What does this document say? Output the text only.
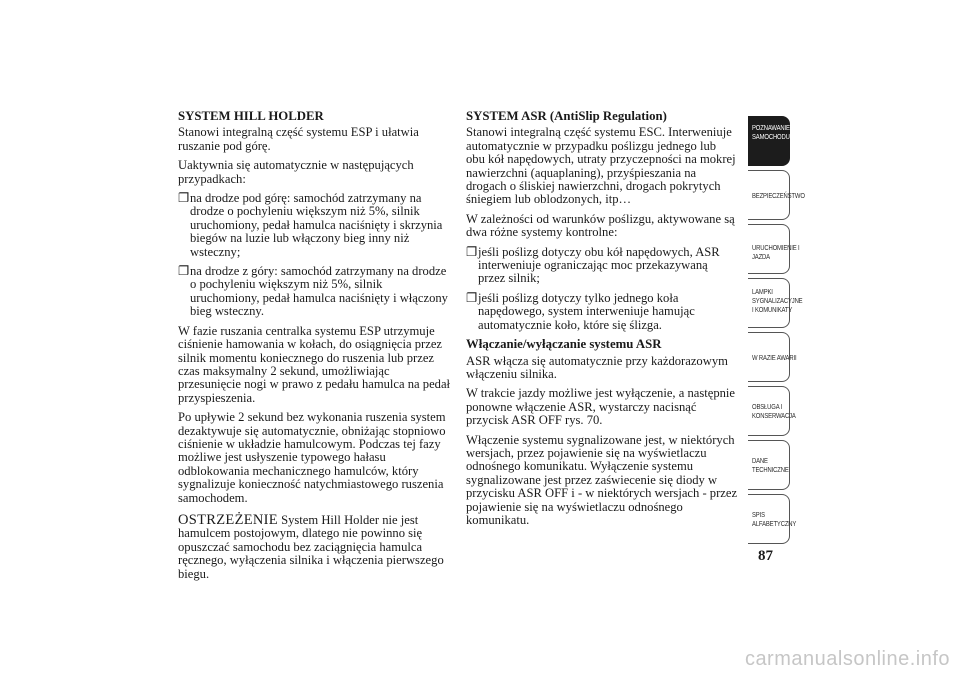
SYSTEM HILL HOLDER
Stanowi integralną część systemu ESP i ułatwia ruszanie pod górę.
Uaktywnia się automatycznie w następujących przypadkach:
❐ na drodze pod górę: samochód zatrzymany na drodze o pochyleniu większym niż 5%, silnik uruchomiony, pedał hamulca naciśnięty i skrzynia biegów na luzie lub włączony bieg inny niż wsteczny;
❐ na drodze z góry: samochód zatrzymany na drodze o pochyleniu większym niż 5%, silnik uruchomiony, pedał hamulca naciśnięty i włączony bieg wsteczny.
W fazie ruszania centralka systemu ESP utrzymuje ciśnienie hamowania w kołach, do osiągnięcia przez silnik momentu koniecznego do ruszenia lub przez czas maksymalny 2 sekund, umożliwiając przesunięcie nogi w prawo z pedału hamulca na pedał przyspieszenia.
Po upływie 2 sekund bez wykonania ruszenia system dezaktywuje się automatycznie, obniżając stopniowo ciśnienie w układzie hamulcowym. Podczas tej fazy możliwe jest usłyszenie typowego hałasu odblokowania mechanicznego hamulców, który sygnalizuje konieczność natychmiastowego ruszenia samochodem.
OSTRZEŻENIE System Hill Holder nie jest hamulcem postojowym, dlatego nie powinno się opuszczać samochodu bez zaciągnięcia hamulca ręcznego, wyłączenia silnika i włączenia pierwszego biegu.
SYSTEM ASR (AntiSlip Regulation)
Stanowi integralną część systemu ESC. Interweniuje automatycznie w przypadku poślizgu jednego lub obu kół napędowych, utraty przyczepności na mokrej nawierzchni (aquaplaning), przyśpieszania na drogach o śliskiej nawierzchni, drogach pokrytych śniegiem lub oblodzonych, itp…
W zależności od warunków poślizgu, aktywowane są dwa różne systemy kontrolne:
❐ jeśli poślizg dotyczy obu kół napędowych, ASR interweniuje ograniczając moc przekazywaną przez silnik;
❐ jeśli poślizg dotyczy tylko jednego koła napędowego, system interweniuje hamując automatycznie koło, które się ślizga.
Włączanie/wyłączanie systemu ASR
ASR włącza się automatycznie przy każdorazowym włączeniu silnika.
W trakcie jazdy możliwe jest wyłączenie, a następnie ponowne włączenie ASR, wystarczy nacisnąć przycisk ASR OFF rys. 70.
Włączenie systemu sygnalizowane jest, w niektórych wersjach, przez pojawienie się na wyświetlaczu odnośnego komunikatu. Wyłączenie systemu sygnalizowane jest przez zaświecenie się diody w przycisku ASR OFF i - w niektórych wersjach - przez pojawienie się na wyświetlaczu odnośnego komunikatu.
POZNAWANIE
SAMOCHODU
BEZPIECZEŃSTWO
URUCHOMIENIE I
JAZDA
LAMPKI
SYGNALIZACYJNE
I KOMUNIKATY
W RAZIE AWARII
OBSŁUGA I
KONSERWACJA
DANE
TECHNICZNE
SPIS
ALFABETYCZNY
87
carmanualsonline.info
